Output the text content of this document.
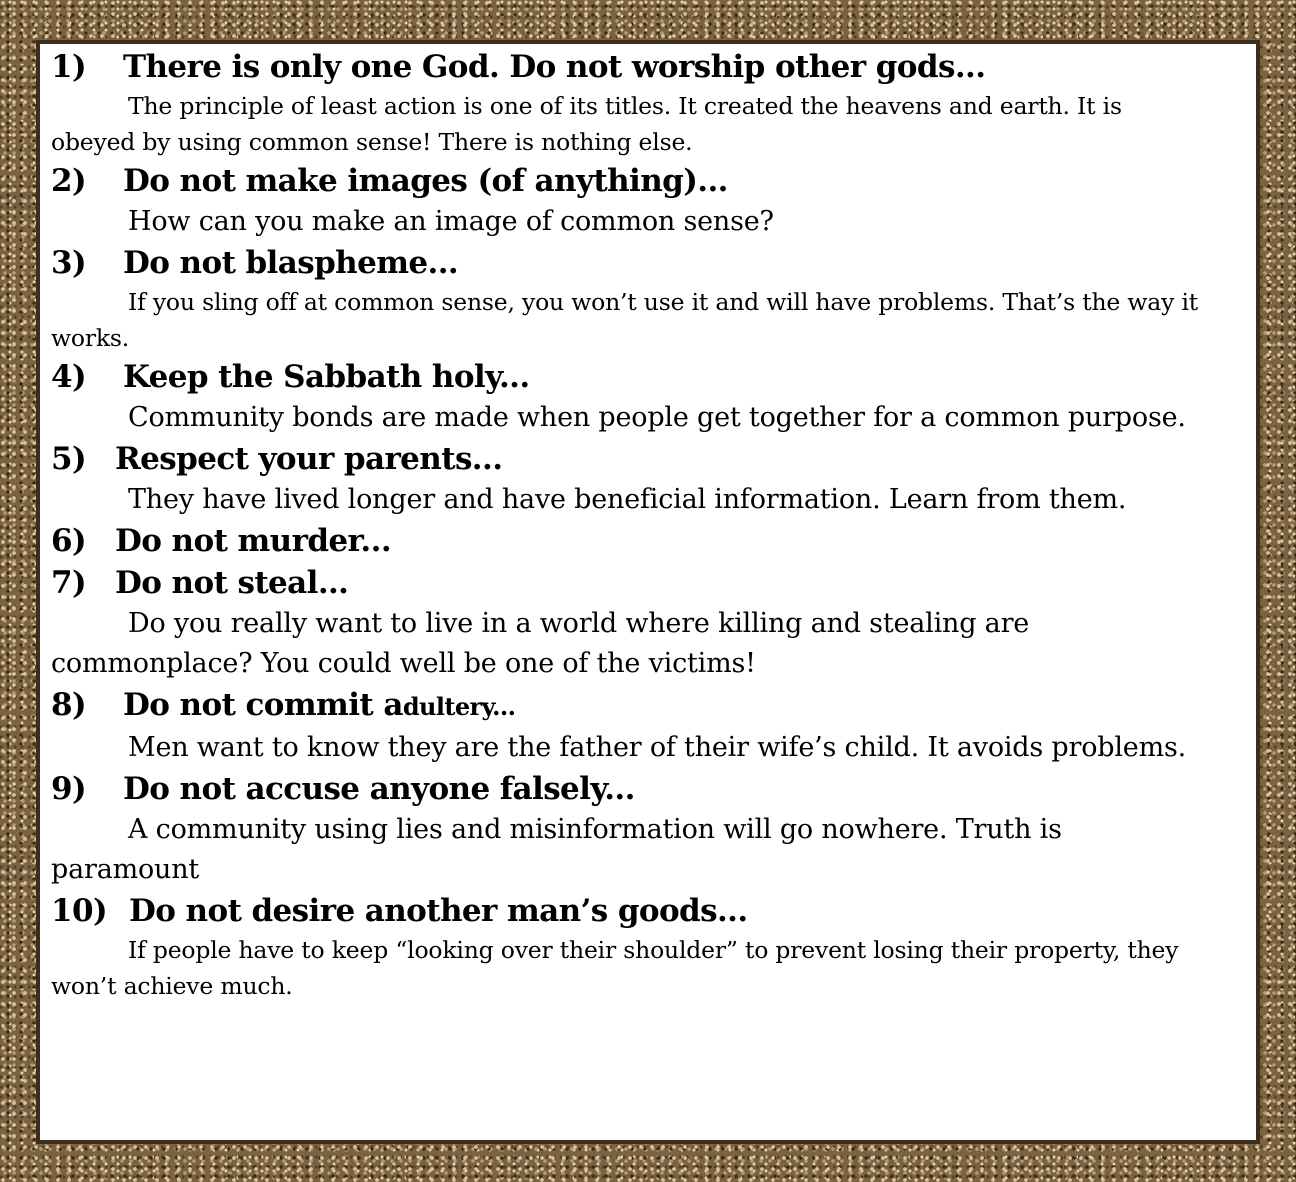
1) There is only one God. Do not worship other gods...
The principle of least action is one of its titles. It created the heavens and earth. It is obeyed by using common sense! There is nothing else.
2) Do not make images (of anything)...
How can you make an image of common sense?
3) Do not blaspheme...
If you sling off at common sense, you won’t use it and will have problems. That’s the way it works.
4) Keep the Sabbath holy...
Community bonds are made when people get together for a common purpose.
5) Respect your parents...
They have lived longer and have beneficial information. Learn from them.
6) Do not murder...
7) Do not steal…
Do you really want to live in a world where killing and stealing are commonplace? You could well be one of the victims!
8) Do not commit adultery...
Men want to know they are the father of their wife’s child. It avoids problems.
9) Do not accuse anyone falsely...
A community using lies and misinformation will go nowhere. Truth is paramount
10) Do not desire another man’s goods...
If people have to keep “looking over their shoulder” to prevent losing their property, they won’t achieve much.
